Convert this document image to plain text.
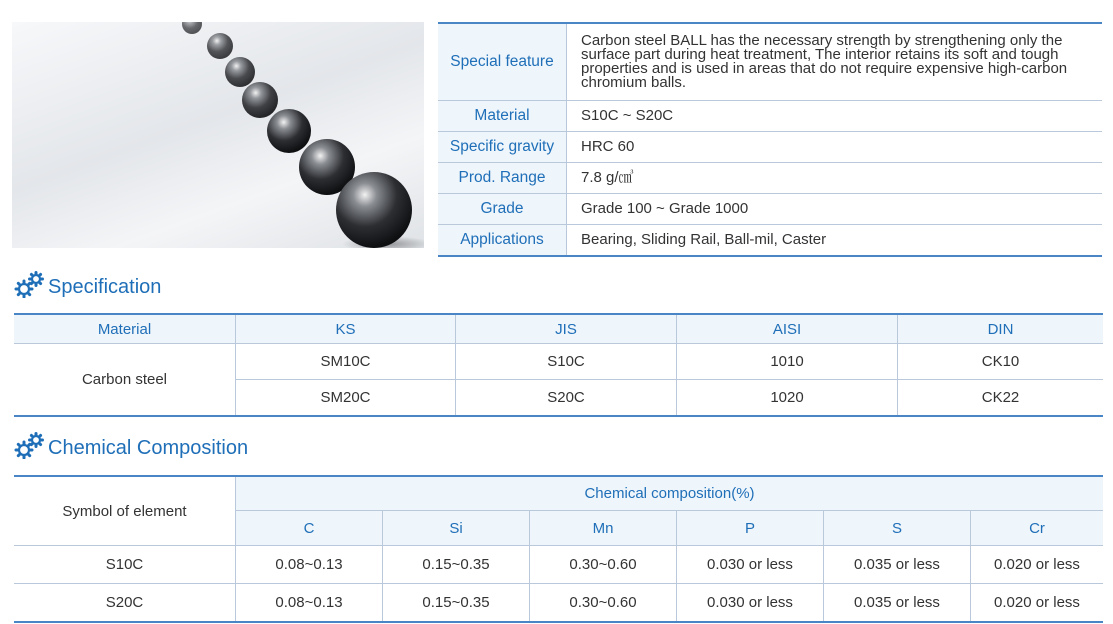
Special feature	Carbon steel BALL has the necessary strength by strengthening only the surface part during heat treatment, The interior retains its soft and tough properties and is used in areas that do not require expensive high-carbon chromium balls.
Material	S10C ~ S20C
Specific gravity	HRC 60
Prod. Range	7.8 g/㎤
Grade	Grade 100 ~ Grade 1000
Applications	Bearing, Sliding Rail, Ball-mil, Caster
Specification
Material	KS	JIS	AISI	DIN
Carbon steel	SM10C	S10C	1010	CK10
	SM20C	S20C	1020	CK22
Chemical Composition
Symbol of element	Chemical composition(%)					
	C	Si	Mn	P	S	Cr
S10C	0.08~0.13	0.15~0.35	0.30~0.60	0.030 or less	0.035 or less	0.020 or less
S20C	0.08~0.13	0.15~0.35	0.30~0.60	0.030 or less	0.035 or less	0.020 or less
